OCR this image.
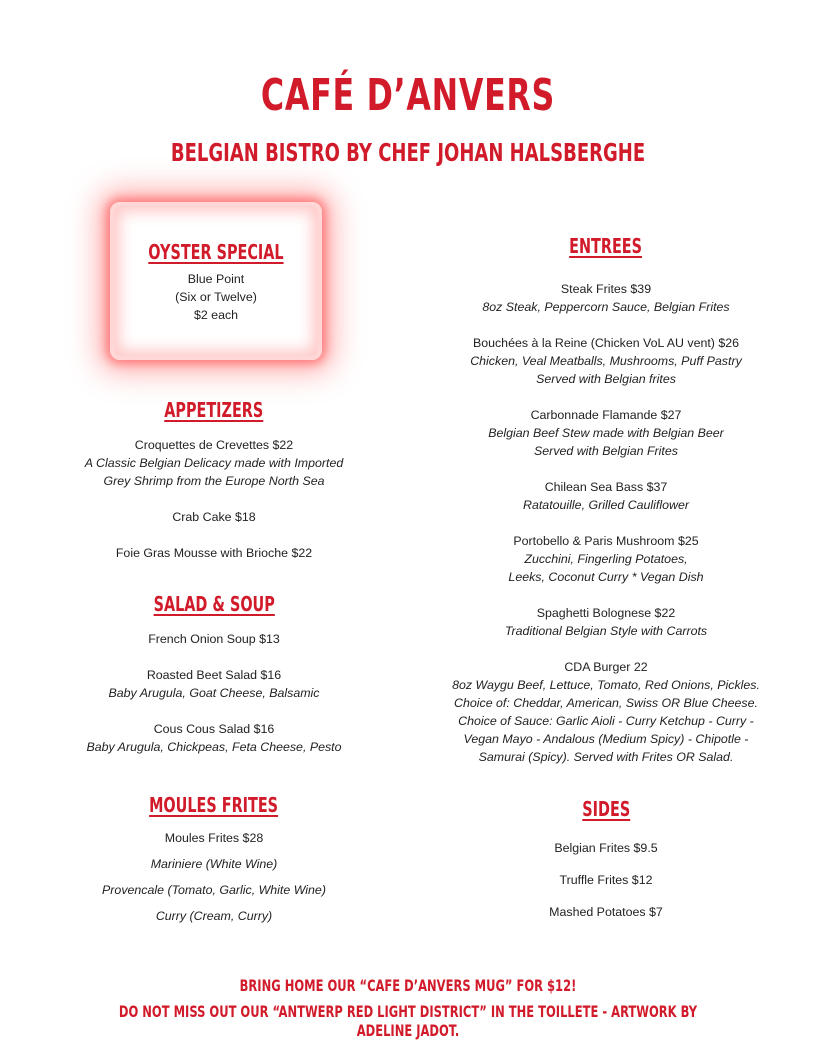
CAFÉ D’ANVERS
BELGIAN BISTRO BY CHEF JOHAN HALSBERGHE
OYSTER SPECIAL

Blue Point

(Six or Twelve)

$2 each

APPETIZERS

Croquettes de Crevettes $22

A Classic Belgian Delicacy made with Imported

Grey Shrimp from the Europe North Sea

Crab Cake $18

Foie Gras Mousse with Brioche $22

SALAD & SOUP

French Onion Soup $13

Roasted Beet Salad $16

Baby Arugula, Goat Cheese, Balsamic

Cous Cous Salad $16

Baby Arugula, Chickpeas, Feta Cheese, Pesto

MOULES FRITES

Moules Frites $28

Mariniere (White Wine)

Provencale (Tomato, Garlic, White Wine)

Curry (Cream, Curry)

ENTREES

Steak Frites $39

8oz Steak, Peppercorn Sauce, Belgian Frites

Bouchées à la Reine (Chicken VoL AU vent) $26

Chicken, Veal Meatballs, Mushrooms, Puff Pastry

Served with Belgian frites

Carbonnade Flamande $27

Belgian Beef Stew made with Belgian Beer

Served with Belgian Frites

Chilean Sea Bass $37

Ratatouille, Grilled Cauliflower

Portobello & Paris Mushroom $25

Zucchini, Fingerling Potatoes,

Leeks, Coconut Curry * Vegan Dish

Spaghetti Bolognese $22

Traditional Belgian Style with Carrots

CDA Burger 22

8oz Waygu Beef, Lettuce, Tomato, Red Onions, Pickles.

Choice of: Cheddar, American, Swiss OR Blue Cheese.

Choice of Sauce: Garlic Aioli - Curry Ketchup - Curry -

Vegan Mayo - Andalous (Medium Spicy) - Chipotle -

Samurai (Spicy). Served with Frites OR Salad.

SIDES

Belgian Frites $9.5

Truffle Frites $12

Mashed Potatoes $7

BRING HOME OUR “CAFE D’ANVERS MUG” FOR $12!

DO NOT MISS OUT OUR “ANTWERP RED LIGHT DISTRICT” IN THE TOILLETE - ARTWORK BY ADELINE JADOT.
